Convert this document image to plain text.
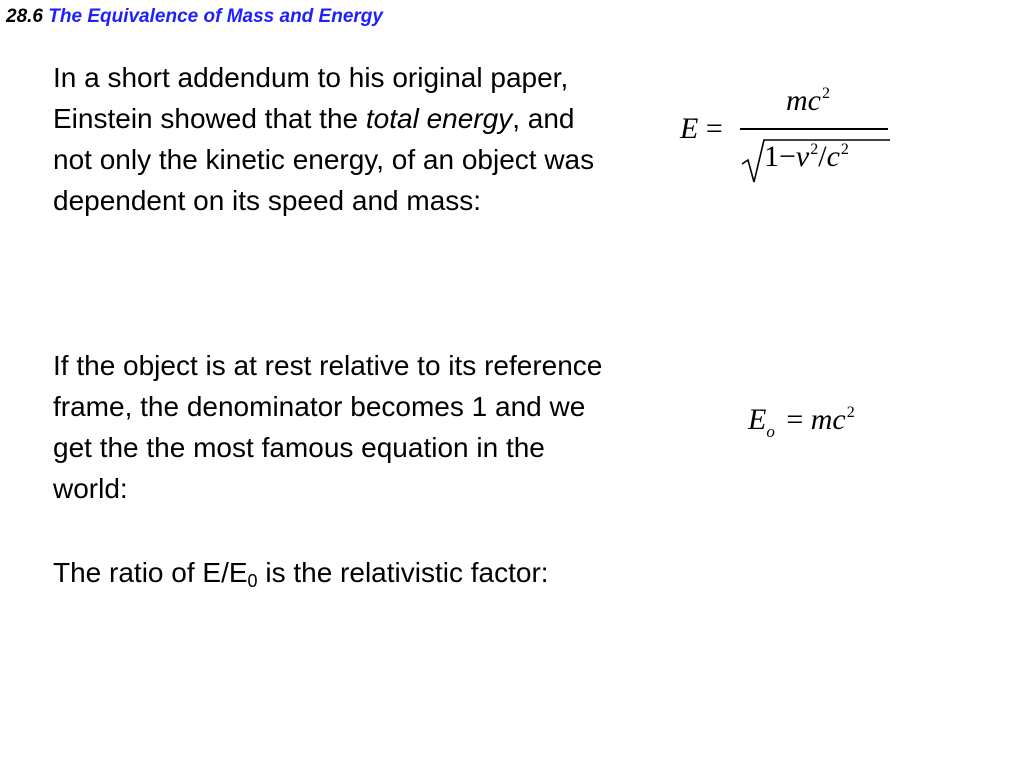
28.6 The Equivalence of Mass and Energy
In a short addendum to his original paper, Einstein showed that the total energy, and not only the kinetic energy, of an object was dependent on its speed and mass:
If the object is at rest relative to its reference frame, the denominator becomes 1 and we get the the most famous equation in the world:
The ratio of $E/E_0$ is the relativistic factor:
E =
$mc^2$
$1-v^2/c^2$
$E_o = mc^2$
